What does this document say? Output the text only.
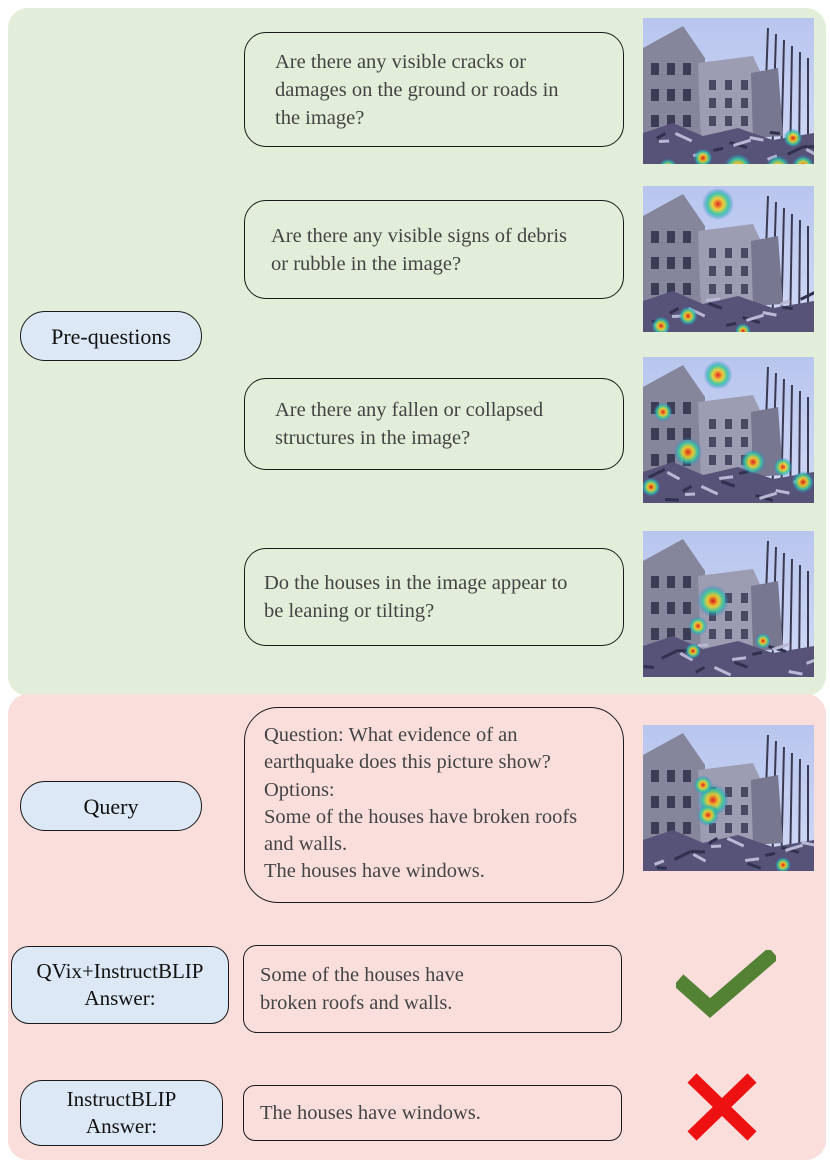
Pre-questions
Are there any visible cracks or
damages on the ground or roads in
the image?
Are there any visible signs of debris
or rubble in the image?
Are there any fallen or collapsed
structures in the image?
Do the houses in the image appear to
be leaning or tilting?
Query
Question: What evidence of an
earthquake does this picture show?
Options:
Some of the houses have broken roofs
and walls.
The houses have windows.
QVix+InstructBLIP
Answer:
Some of the houses have
broken roofs and walls.
InstructBLIP
Answer:
The houses have windows.
